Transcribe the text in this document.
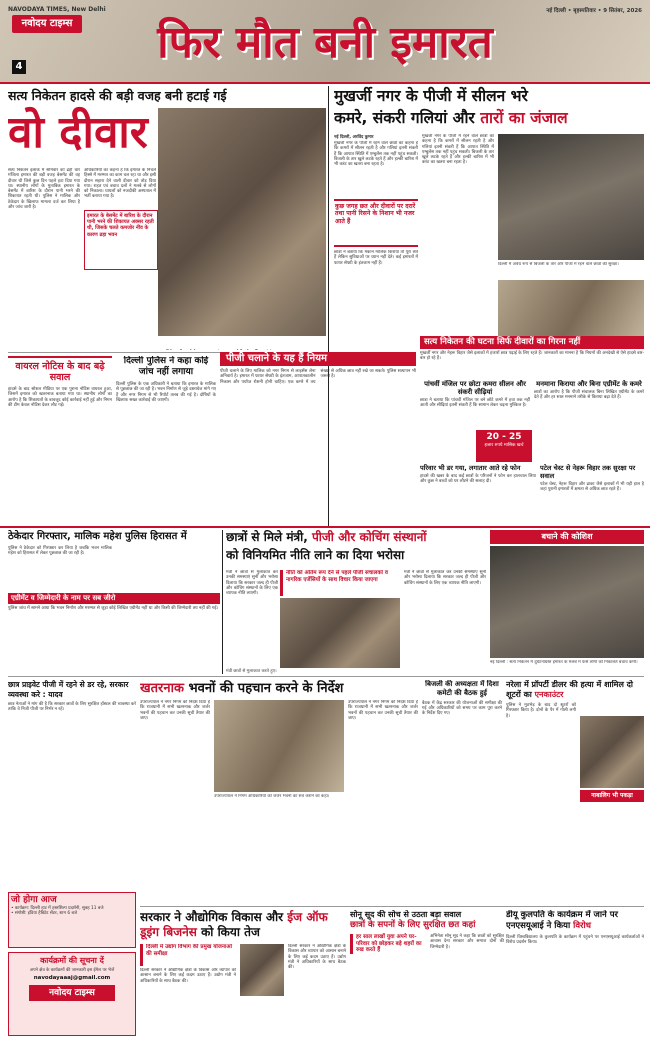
NAVODAYA TIMES, New Delhi
नवोदय टाइम्स
4	फिर मौत बनी इमारत
नई दिल्ली • बृहस्पतिवार • 9 सितंबर, 2026
सत्य निकेतन हादसे की बड़ी वजह बनी हटाई गई
वो दीवार
सत्य निकेतन इलाके में सोमवार को ढही चार मंजिला इमारत की बड़ी वजह बेसमेंट की वह दीवार थी जिसे कुछ दिन पहले हटा दिया गया था। स्थानीय लोगों के मुताबिक इमारत के बेसमेंट में बारिश के दौरान पानी भरने की शिकायत रहती थी। पुलिस ने मालिक और ठेकेदार के खिलाफ मामला दर्ज कर लिया है और जांच जारी है।
अधिकारियों का कहना है कि इमारत के निचले हिस्से में मरम्मत का काम चल रहा था और इसी दौरान सहारा देने वाली दीवार को तोड़ दिया गया। राहत एवं बचाव दलों ने मलबे से लोगों को निकाला। घायलों को नजदीकी अस्पताल में भर्ती कराया गया है।
इमारत के बेसमेंट में बारिश के दौरान पानी भरने की शिकायत अक्सर रहती थी, जिसके चलते कमजोर नींव के कारण ढहा भवन
वायरल नोटिस के बाद बढ़े सवाल
हादसे के बाद सोशल मीडिया पर एक पुराना नोटिस वायरल हुआ, जिसमें इमारत को खतरनाक बताया गया था। स्थानीय लोगों का आरोप है कि शिकायतों के बावजूद कोई कार्रवाई नहीं हुई और निगम की टीम केवल नोटिस देकर लौट गई।
दिल्ली पुलिस ने कहा कोई जांच नहीं लगाया
दिल्ली पुलिस के एक अधिकारी ने बताया कि इमारत के मालिक से पूछताछ की जा रही है। भवन निर्माण से जुड़े दस्तावेज मांगे गए हैं और नगर निगम से भी रिपोर्ट तलब की गई है। दोषियों के खिलाफ सख्त कार्रवाई की जाएगी।
मुखर्जी नगर के पीजी में सीलन भरे
कमरे, संकरी गलियां और तारों का जंजाल
नई दिल्ली, अरविंद कुमार
मुखर्जी नगर के पीजी में रहने वाले छात्रों का कहना है कि कमरों में सीलन रहती है और गलियां इतनी संकरी हैं कि आपात स्थिति में एम्बुलेंस तक नहीं पहुंच सकती। बिजली के तार खुले लटके रहते हैं और हल्की बारिश में भी करंट का खतरा बना रहता है।
कुछ जगह छत और दीवारों पर दरारें तथा पानी रिसने के निशान भी नजर आते हैं
छात्रों ने बताया कि मकान मालिक किराया तो पूरा लेते हैं लेकिन सुविधाओं पर ध्यान नहीं देते। कई इमारतों में फायर सेफ्टी के इंतजाम नहीं हैं।
मुखर्जी नगर के पीजी में रहने वाले छात्रों का कहना है कि कमरों में सीलन रहती है और गलियां इतनी संकरी हैं कि आपात स्थिति में एम्बुलेंस तक नहीं पहुंच सकती। बिजली के तार खुले लटके रहते हैं और हल्की बारिश में भी करंट का खतरा बना रहता है।
दिल्ली में अवैध रूप से बिजली के तार और पीजी में रहने वाले छात्रों की सुरक्षा।
सत्य निकेतन की घटना सिर्फ दीवारों का गिरना नहीं
मुखर्जी नगर और नेहरू विहार जैसे इलाकों में हजारों छात्र पढ़ाई के लिए रहते हैं। जानकारों का मानना है कि नियमों की अनदेखी से ऐसे हादसे बार-बार हो रहे हैं।
पीजी चलाने के यह हैं नियम
पीजी चलाने के लिए मालिक को नगर निगम से लाइसेंस लेना अनिवार्य है। इमारत में फायर सेफ्टी के इंतजाम, आपातकालीन निकास और पर्याप्त रोशनी होनी चाहिए। एक कमरे में तय संख्या से अधिक छात्र नहीं रखे जा सकते। पुलिस सत्यापन भी जरूरी है।
पांचवीं मंजिल पर छोटा कमरा सीलन और संकरी सीढ़ियां
छात्रा ने बताया कि पांचवीं मंजिल पर बने छोटे कमरे में हवा तक नहीं आती और सीढ़ियां इतनी संकरी हैं कि सामान लेकर चढ़ना मुश्किल है।
मनमाना किराया और बिना एग्रीमेंट के कमरे
छात्रों का आरोप है कि पीजी संचालक बिना लिखित एग्रीमेंट के कमरे देते हैं और हर साल मनमाने तरीके से किराया बढ़ा देते हैं।
20 - 25
हजार रुपये मासिक खर्च
परिवार भी डर गया, लगातार आते रहे फोन
हादसे की खबर के बाद कई छात्रों के परिजनों ने फोन कर हालचाल लिया और कुछ ने बच्चों को घर लौटने की सलाह दी।
पटेल चेस्ट से नेहरू विहार तक सुरक्षा पर सवाल
पटेल चेस्ट, नेहरू विहार और ढाका जैसे इलाकों में भी यही हाल है जहां पुरानी इमारतों में क्षमता से अधिक छात्र रहते हैं।
ठेकेदार गिरफ्तार, मालिक महेश पुलिस हिरासत में
पुलिस ने ठेकेदार को गिरफ्तार कर लिया है जबकि भवन मालिक महेश को हिरासत में लेकर पूछताछ की जा रही है।
एग्रीमेंट व जिम्मेदारी के नाम पर सब जीरो
पुलिस जांच में सामने आया कि भवन निर्माण और मरम्मत से जुड़ा कोई लिखित एग्रीमेंट नहीं था और किसी की जिम्मेदारी तय नहीं की गई।
छात्रों से मिले मंत्री, पीजी और कोचिंग संस्थानों
को विनियमित नीति लाने का दिया भरोसा
नीति को अंतिम रूप देने से पहले पीजी संचालकों व नागरिक एजेंसियों के साथ विचार किया जाएगा
मंत्री ने छात्रों से मुलाकात कर उनकी समस्याएं सुनीं और भरोसा दिलाया कि सरकार जल्द ही पीजी और कोचिंग संस्थानों के लिए एक व्यापक नीति लाएगी।
मंत्री ने छात्रों से मुलाकात कर उनकी समस्याएं सुनीं और भरोसा दिलाया कि सरकार जल्द ही पीजी और कोचिंग संस्थानों के लिए एक व्यापक नीति लाएगी।
मंत्री छात्रों से मुलाकात करते हुए।
बचाने की कोशिश
नई दिल्ली : सत्य निकेतन में दुर्घटनाग्रस्त इमारत के मलबे में फंसे लोगों को निकालते बचाव कर्मी।
छात्र प्राइवेट पीजी में रहने से डर रहे, सरकार व्यवस्था करे : यादव
छात्र नेताओं ने मांग की है कि सरकार छात्रों के लिए सुरक्षित हॉस्टल की व्यवस्था करे ताकि वे निजी पीजी पर निर्भर न रहें।
खतरनाक भवनों की पहचान करने के निर्देश
उपराज्यपाल ने नगर निगम को निर्देश दिया है कि राजधानी में सभी खतरनाक और जर्जर भवनों की पहचान कर उनकी सूची तैयार की जाए।
उपराज्यपाल ने नगर निगम को निर्देश दिया है कि राजधानी में सभी खतरनाक और जर्जर भवनों की पहचान कर उनकी सूची तैयार की जाए।
उपराज्यपाल ने निगम अधिकारियों को जर्जर भवनों का सर्वे कराने को कहा।
बिजली की अध्यक्षता में दिशा कमेटी की बैठक हुई
बैठक में केंद्र सरकार की योजनाओं की समीक्षा की गई और अधिकारियों को समय पर काम पूरा करने के निर्देश दिए गए।
नरेला में प्रॉपर्टी डीलर की हत्या में शामिल दो शूटरों का एनकाउंटर
पुलिस ने मुठभेड़ के बाद दो शूटरों को गिरफ्तार किया है। दोनों के पैर में गोली लगी है।
नाबालिग भी पकड़ा
जो होगा आज
• कार्यक्रम: दिल्ली हाट में हस्तशिल्प प्रदर्शनी, सुबह 11 बजे
• संगोष्ठी: इंडिया हैबिटेट सेंटर, शाम 6 बजे
कार्यक्रमों की सूचना दें
अपने क्षेत्र के कार्यक्रमों की जानकारी इस ईमेल पर भेजें
navodayaaaj@gmail.com
नवोदय टाइम्स
सरकार ने औद्योगिक विकास और ईज ऑफ डूइंग बिजनेस को किया तेज
दिल्ली में उद्योग विभाग की प्रमुख योजनाओं की समीक्षा
दिल्ली सरकार ने औद्योगिक क्षेत्रों के विकास और व्यापार को आसान बनाने के लिए कई कदम उठाए हैं। उद्योग मंत्री ने अधिकारियों के साथ बैठक की।
दिल्ली सरकार ने औद्योगिक क्षेत्रों के विकास और व्यापार को आसान बनाने के लिए कई कदम उठाए हैं। उद्योग मंत्री ने अधिकारियों के साथ बैठक की।
सोनू सूद की सोच से उठता बड़ा सवाल
छात्रों के सपनों के लिए सुरक्षित छत कहां
हर साल लाखों युवा अपने घर-परिवार को छोड़कर बड़े शहरों का रुख करते हैं
अभिनेता सोनू सूद ने कहा कि छात्रों को सुरक्षित आवास देना सरकार और समाज दोनों की जिम्मेदारी है।
डीयू कुलपति के कार्यक्रम में जाने पर एनएसयूआई ने किया विरोध
दिल्ली विश्वविद्यालय के कुलपति के कार्यक्रम में पहुंचने पर एनएसयूआई कार्यकर्ताओं ने विरोध प्रदर्शन किया।
